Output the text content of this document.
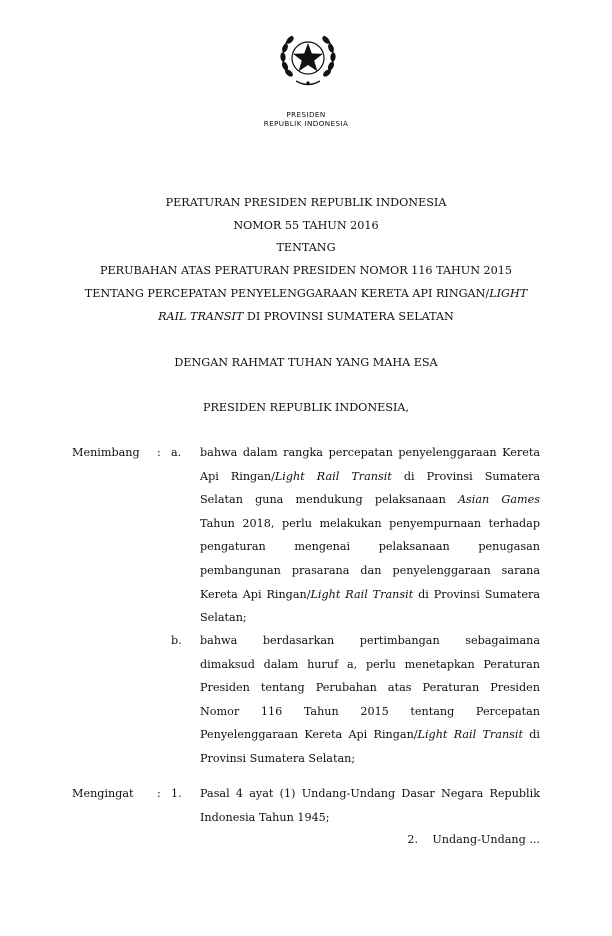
PRESIDEN
REPUBLIK INDONESIA
PERATURAN PRESIDEN REPUBLIK INDONESIA
NOMOR 55 TAHUN 2016
TENTANG
PERUBAHAN ATAS PERATURAN PRESIDEN NOMOR 116 TAHUN 2015
TENTANG PERCEPATAN PENYELENGGARAAN KERETA API RINGAN/LIGHT
RAIL TRANSIT DI PROVINSI SUMATERA SELATAN
DENGAN RAHMAT TUHAN YANG MAHA ESA
PRESIDEN REPUBLIK INDONESIA,
Menimbang : a. bahwa dalam rangka percepatan penyelenggaraan Kereta
Api Ringan/Light Rail Transit di Provinsi Sumatera
Selatan guna mendukung pelaksanaan Asian Games
Tahun 2018, perlu melakukan penyempurnaan terhadap
pengaturan mengenai pelaksanaan penugasan
pembangunan prasarana dan penyelenggaraan sarana
Kereta Api Ringan/Light Rail Transit di Provinsi Sumatera
Selatan;
b. bahwa berdasarkan pertimbangan sebagaimana
dimaksud dalam huruf a, perlu menetapkan Peraturan
Presiden tentang Perubahan atas Peraturan Presiden
Nomor 116 Tahun 2015 tentang Percepatan
Penyelenggaraan Kereta Api Ringan/Light Rail Transit di
Provinsi Sumatera Selatan;
Mengingat : 1. Pasal 4 ayat (1) Undang-Undang Dasar Negara Republik
Indonesia Tahun 1945;
2.    Undang-Undang ...
